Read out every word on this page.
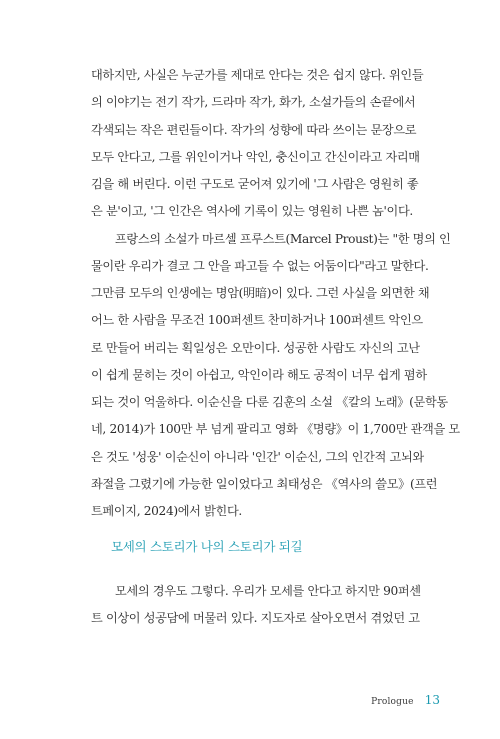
대하지만, 사실은 누군가를 제대로 안다는 것은 쉽지 않다. 위인들
의 이야기는 전기 작가, 드라마 작가, 화가, 소설가들의 손끝에서
각색되는 작은 편린들이다. 작가의 성향에 따라 쓰이는 문장으로
모두 안다고, 그를 위인이거나 악인, 충신이고 간신이라고 자리매
김을 해 버린다. 이런 구도로 굳어져 있기에 '그 사람은 영원히 좋
은 분'이고, '그 인간은 역사에 기록이 있는 영원히 나쁜 놈'이다.
프랑스의 소설가 마르셀 프루스트(Marcel Proust)는 "한 명의 인
물이란 우리가 결코 그 안을 파고들 수 없는 어둠이다"라고 말한다.
그만큼 모두의 인생에는 명암(明暗)이 있다. 그런 사실을 외면한 채
어느 한 사람을 무조건 100퍼센트 찬미하거나 100퍼센트 악인으
로 만들어 버리는 획일성은 오만이다. 성공한 사람도 자신의 고난
이 쉽게 묻히는 것이 아쉽고, 악인이라 해도 공적이 너무 쉽게 폄하
되는 것이 억울하다. 이순신을 다룬 김훈의 소설 《칼의 노래》(문학동
네, 2014)가 100만 부 넘게 팔리고 영화 《명량》이 1,700만 관객을 모
은 것도 '성웅' 이순신이 아니라 '인간' 이순신, 그의 인간적 고뇌와
좌절을 그렸기에 가능한 일이었다고 최태성은 《역사의 쓸모》(프런
트페이지, 2024)에서 밝힌다.
모세의 스토리가 나의 스토리가 되길
모세의 경우도 그렇다. 우리가 모세를 안다고 하지만 90퍼센
트 이상이 성공담에 머물러 있다. 지도자로 살아오면서 겪었던 고
Prologue 13
